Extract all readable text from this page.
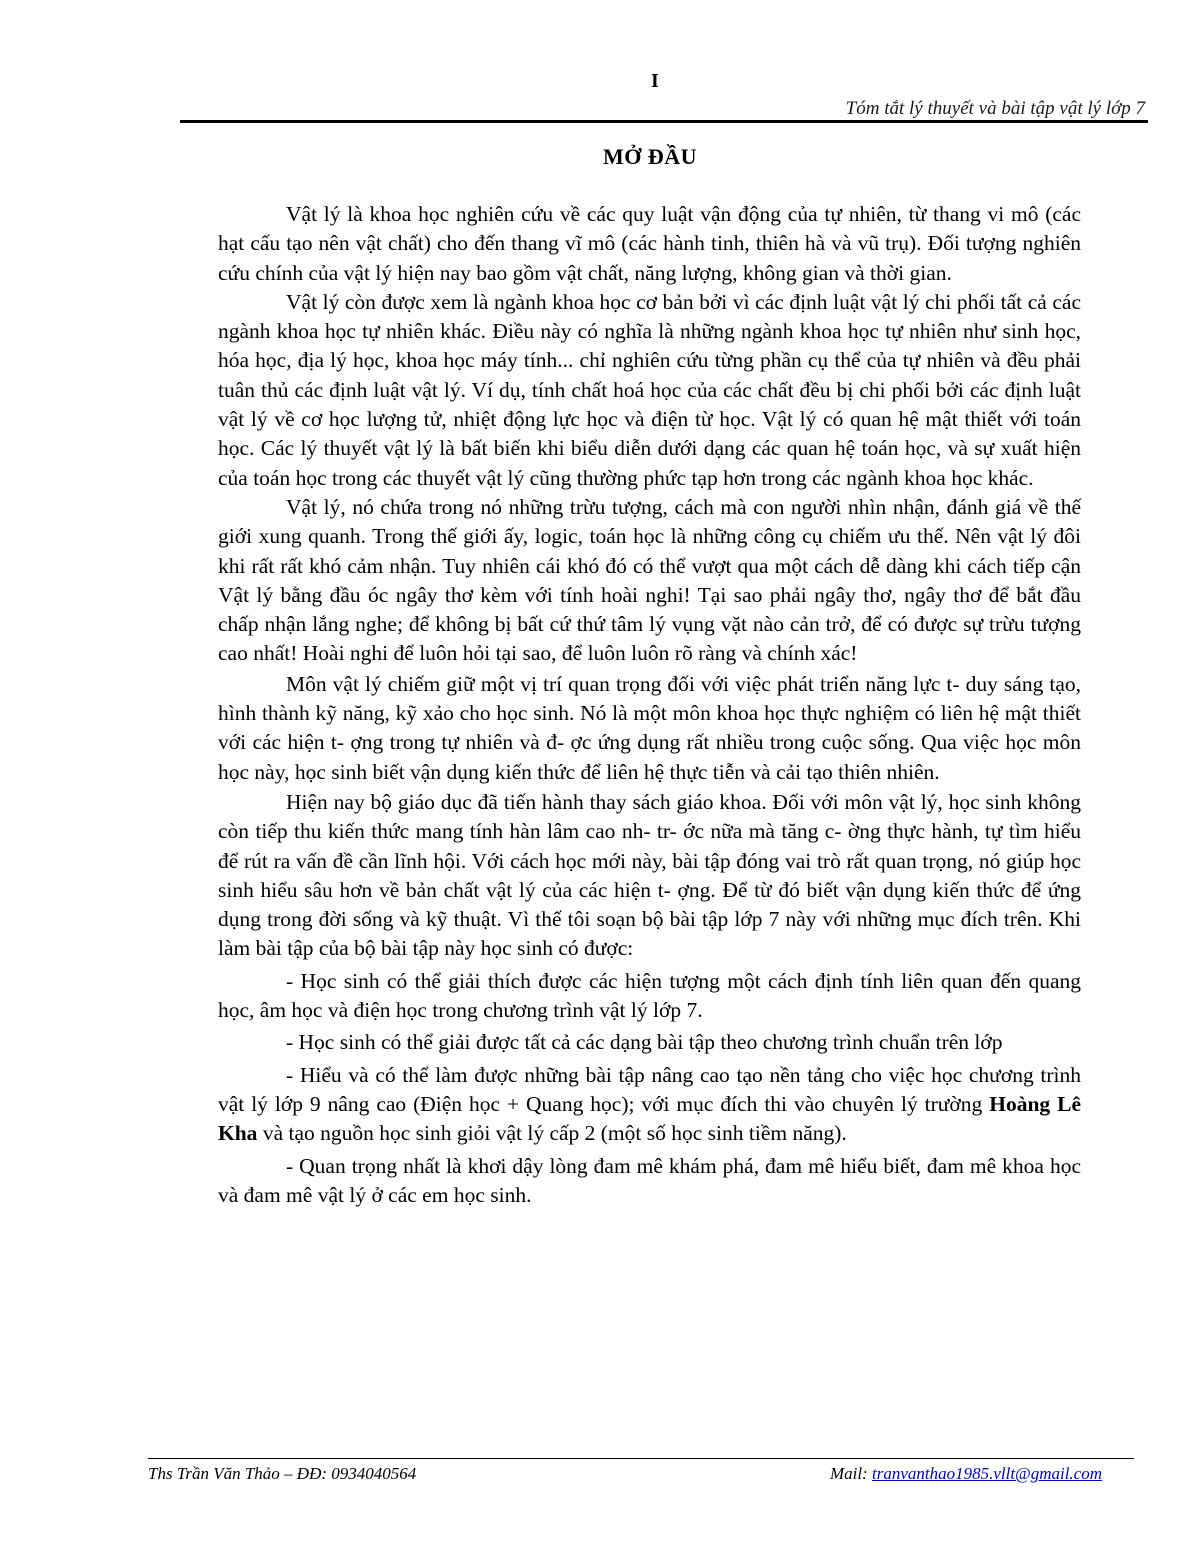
I
Tóm tắt lý thuyết và bài tập vật lý lớp 7
MỞ ĐẦU

Vật lý là khoa học nghiên cứu về các quy luật vận động của tự nhiên, từ thang vi mô (các hạt cấu tạo nên vật chất) cho đến thang vĩ mô (các hành tinh, thiên hà và vũ trụ). Đối tượng nghiên cứu chính của vật lý hiện nay bao gồm vật chất, năng lượng, không gian và thời gian.

Vật lý còn được xem là ngành khoa học cơ bản bởi vì các định luật vật lý chi phối tất cả các ngành khoa học tự nhiên khác. Điều này có nghĩa là những ngành khoa học tự nhiên như sinh học, hóa học, địa lý học, khoa học máy tính... chỉ nghiên cứu từng phần cụ thể của tự nhiên và đều phải tuân thủ các định luật vật lý. Ví dụ, tính chất hoá học của các chất đều bị chi phối bởi các định luật vật lý về cơ học lượng tử, nhiệt động lực học và điện từ học. Vật lý có quan hệ mật thiết với toán học. Các lý thuyết vật lý là bất biến khi biểu diễn dưới dạng các quan hệ toán học, và sự xuất hiện của toán học trong các thuyết vật lý cũng thường phức tạp hơn trong các ngành khoa học khác.

Vật lý, nó chứa trong nó những trừu tượng, cách mà con người nhìn nhận, đánh giá về thế giới xung quanh. Trong thế giới ấy, logic, toán học là những công cụ chiếm ưu thế. Nên vật lý đôi khi rất rất khó cảm nhận. Tuy nhiên cái khó đó có thể vượt qua một cách dễ dàng khi cách tiếp cận Vật lý bằng đầu óc ngây thơ kèm với tính hoài nghi! Tại sao phải ngây thơ, ngây thơ để bắt đầu chấp nhận lắng nghe; để không bị bất cứ thứ tâm lý vụng vặt nào cản trở, để có được sự trừu tượng cao nhất! Hoài nghi để luôn hỏi tại sao, để luôn luôn rõ ràng và chính xác!

Môn vật lý chiếm giữ một vị trí quan trọng đối với việc phát triển năng lực t- duy sáng tạo, hình thành kỹ năng, kỹ xảo cho học sinh. Nó là một môn khoa học thực nghiệm có liên hệ mật thiết với các hiện t- ợng trong tự nhiên và đ- ợc ứng dụng rất nhiều trong cuộc sống. Qua việc học môn học này, học sinh biết vận dụng kiến thức để liên hệ thực tiễn và cải tạo thiên nhiên.

Hiện nay bộ giáo dục đã tiến hành thay sách giáo khoa. Đối với môn vật lý, học sinh không còn tiếp thu kiến thức mang tính hàn lâm cao nh- tr- ớc nữa mà tăng c- ờng thực hành, tự tìm hiểu để rút ra vấn đề cần lĩnh hội. Với cách học mới này, bài tập đóng vai trò rất quan trọng, nó giúp học sinh hiểu sâu hơn về bản chất vật lý của các hiện t- ợng. Để từ đó biết vận dụng kiến thức để ứng dụng trong đời sống và kỹ thuật. Vì thế tôi soạn bộ bài tập lớp 7 này với những mục đích trên. Khi làm bài tập của bộ bài tập này học sinh có được:

- Học sinh có thể giải thích được các hiện tượng một cách định tính liên quan đến quang học, âm học và điện học trong chương trình vật lý lớp 7.

- Học sinh có thể giải được tất cả các dạng bài tập theo chương trình chuẩn trên lớp

- Hiểu và có thể làm được những bài tập nâng cao tạo nền tảng cho việc học chương trình vật lý lớp 9 nâng cao (Điện học + Quang học); với mục đích thi vào chuyên lý trường Hoàng Lê Kha và tạo nguồn học sinh giỏi vật lý cấp 2 (một số học sinh tiềm năng).

- Quan trọng nhất là khơi dậy lòng đam mê khám phá, đam mê hiểu biết, đam mê khoa học và đam mê vật lý ở các em học sinh.

Ths Trần Văn Thảo – ĐĐ: 0934040564	Mail: tranvanthao1985.vllt@gmail.com
